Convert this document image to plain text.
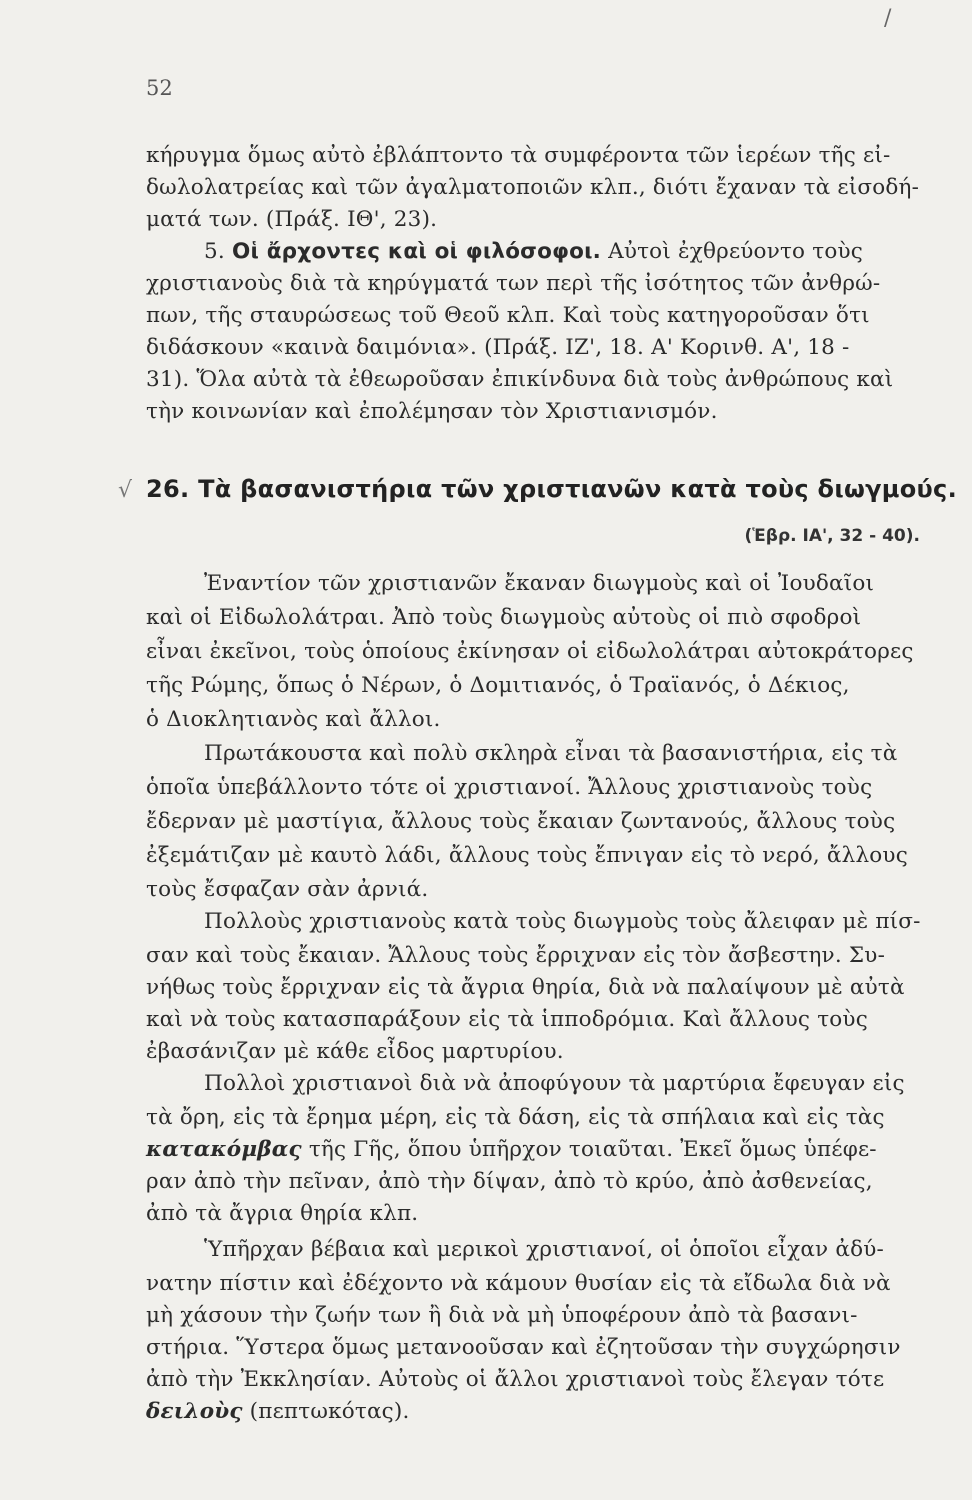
/
52
κήρυγμα ὅμως αὐτὸ ἐβλάπτοντο τὰ συμφέροντα τῶν ἱερέων τῆς εἰ-
δωλολατρείας καὶ τῶν ἀγαλματοποιῶν κλπ., διότι ἔχαναν τὰ εἰσοδή-
ματά των. (Πράξ. ΙΘ', 23).
5. Οἱ ἄρχοντες καὶ οἱ φιλόσοφοι. Αὐτοὶ ἐχθρεύοντο τοὺς
χριστιανοὺς διὰ τὰ κηρύγματά των περὶ τῆς ἰσότητος τῶν ἀνθρώ-
πων, τῆς σταυρώσεως τοῦ Θεοῦ κλπ. Καὶ τοὺς κατηγοροῦσαν ὅτι
διδάσκουν «καινὰ δαιμόνια». (Πράξ. ΙΖ', 18. Α' Κορινθ. Α', 18 -
31). Ὅλα αὐτὰ τὰ ἐθεωροῦσαν ἐπικίνδυνα διὰ τοὺς ἀνθρώπους καὶ
τὴν κοινωνίαν καὶ ἐπολέμησαν τὸν Χριστιανισμόν.
√ 26. Τὰ βασανιστήρια τῶν χριστιανῶν κατὰ τοὺς διωγμούς.
(Ἑβρ. ΙΑ', 32 - 40).
Ἐναντίον τῶν χριστιανῶν ἔκαναν διωγμοὺς καὶ οἱ Ἰουδαῖοι
καὶ οἱ Εἰδωλολάτραι. Ἀπὸ τοὺς διωγμοὺς αὐτοὺς οἱ πιὸ σφοδροὶ
εἶναι ἐκεῖνοι, τοὺς ὁποίους ἐκίνησαν οἱ εἰδωλολάτραι αὐτοκράτορες
τῆς Ρώμης, ὅπως ὁ Νέρων, ὁ Δομιτιανός, ὁ Τραϊανός, ὁ Δέκιος,
ὁ Διοκλητιανὸς καὶ ἄλλοι.
Πρωτάκουστα καὶ πολὺ σκληρὰ εἶναι τὰ βασανιστήρια, εἰς τὰ
ὁποῖα ὑπεβάλλοντο τότε οἱ χριστιανοί. Ἄλλους χριστιανοὺς τοὺς
ἔδερναν μὲ μαστίγια, ἄλλους τοὺς ἔκαιαν ζωντανούς, ἄλλους τοὺς
ἐξεμάτιζαν μὲ καυτὸ λάδι, ἄλλους τοὺς ἔπνιγαν εἰς τὸ νερό, ἄλλους
τοὺς ἔσφαζαν σὰν ἀρνιά.
Πολλοὺς χριστιανοὺς κατὰ τοὺς διωγμοὺς τοὺς ἄλειφαν μὲ πίσ-
σαν καὶ τοὺς ἔκαιαν. Ἄλλους τοὺς ἔρριχναν εἰς τὸν ἄσβεστην. Συ-
νήθως τοὺς ἔρριχναν εἰς τὰ ἄγρια θηρία, διὰ νὰ παλαίψουν μὲ αὐτὰ
καὶ νὰ τοὺς κατασπαράξουν εἰς τὰ ἱπποδρόμια. Καὶ ἄλλους τοὺς
ἐβασάνιζαν μὲ κάθε εἶδος μαρτυρίου.
Πολλοὶ χριστιανοὶ διὰ νὰ ἀποφύγουν τὰ μαρτύρια ἔφευγαν εἰς
τὰ ὄρη, εἰς τὰ ἔρημα μέρη, εἰς τὰ δάση, εἰς τὰ σπήλαια καὶ εἰς τὰς
κατακόμβας τῆς Γῆς, ὅπου ὑπῆρχον τοιαῦται. Ἐκεῖ ὅμως ὑπέφε-
ραν ἀπὸ τὴν πεῖναν, ἀπὸ τὴν δίψαν, ἀπὸ τὸ κρύο, ἀπὸ ἀσθενείας,
ἀπὸ τὰ ἄγρια θηρία κλπ.
Ὑπῆρχαν βέβαια καὶ μερικοὶ χριστιανοί, οἱ ὁποῖοι εἶχαν ἀδύ-
νατην πίστιν καὶ ἐδέχοντο νὰ κάμουν θυσίαν εἰς τὰ εἴδωλα διὰ νὰ
μὴ χάσουν τὴν ζωήν των ἢ διὰ νὰ μὴ ὑποφέρουν ἀπὸ τὰ βασανι-
στήρια. Ὕστερα ὅμως μετανοοῦσαν καὶ ἐζητοῦσαν τὴν συγχώρησιν
ἀπὸ τὴν Ἐκκλησίαν. Αὐτοὺς οἱ ἄλλοι χριστιανοὶ τοὺς ἔλεγαν τότε
δειλοὺς (πεπτωκότας).
